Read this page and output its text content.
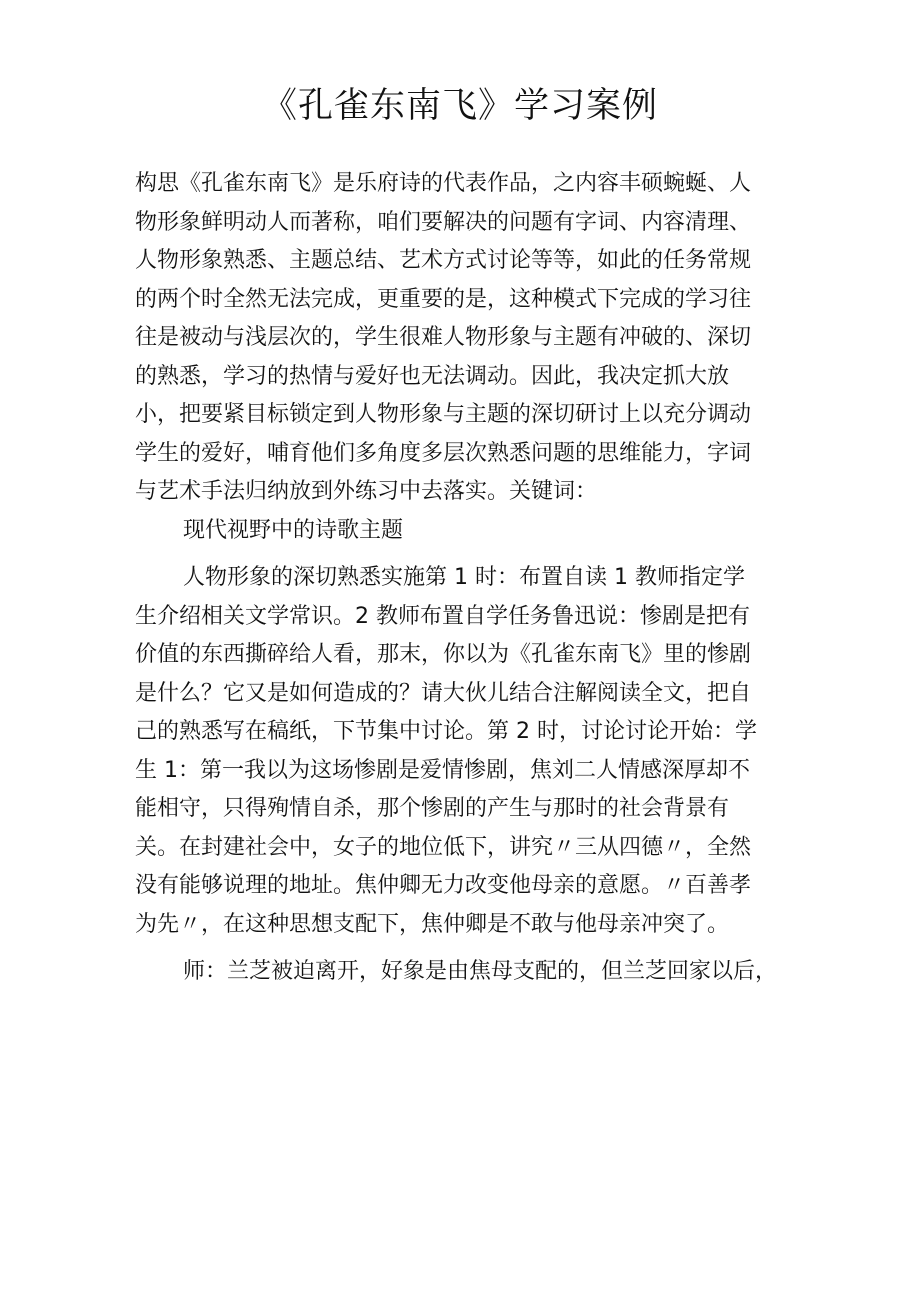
《孔雀东南飞》学习案例

构思《孔雀东南飞》是乐府诗的代表作品，之内容丰硕蜿蜒、人
物形象鲜明动人而著称，咱们要解决的问题有字词、内容清理、
人物形象熟悉、主题总结、艺术方式讨论等等，如此的任务常规
的两个时全然无法完成，更重要的是，这种模式下完成的学习往
往是被动与浅层次的，学生很难人物形象与主题有冲破的、深切
的熟悉，学习的热情与爱好也无法调动。因此，我决定抓大放
小，把要紧目标锁定到人物形象与主题的深切研讨上以充分调动
学生的爱好，哺育他们多角度多层次熟悉问题的思维能力，字词
与艺术手法归纳放到外练习中去落实。关键词：

现代视野中的诗歌主题

人物形象的深切熟悉实施第 1 时：布置自读 1 教师指定学
生介绍相关文学常识。2 教师布置自学任务鲁迅说：惨剧是把有
价值的东西撕碎给人看，那末，你以为《孔雀东南飞》里的惨剧
是什么？它又是如何造成的？请大伙儿结合注解阅读全文，把自
己的熟悉写在稿纸，下节集中讨论。第 2 时，讨论讨论开始：学
生 1：第一我以为这场惨剧是爱情惨剧，焦刘二人情感深厚却不
能相守，只得殉情自杀，那个惨剧的产生与那时的社会背景有
关。在封建社会中，女子的地位低下，讲究〃三从四德〃，全然
没有能够说理的地址。焦仲卿无力改变他母亲的意愿。〃百善孝
为先〃，在这种思想支配下，焦仲卿是不敢与他母亲冲突了。

师：兰芝被迫离开，好象是由焦母支配的，但兰芝回家以后，
